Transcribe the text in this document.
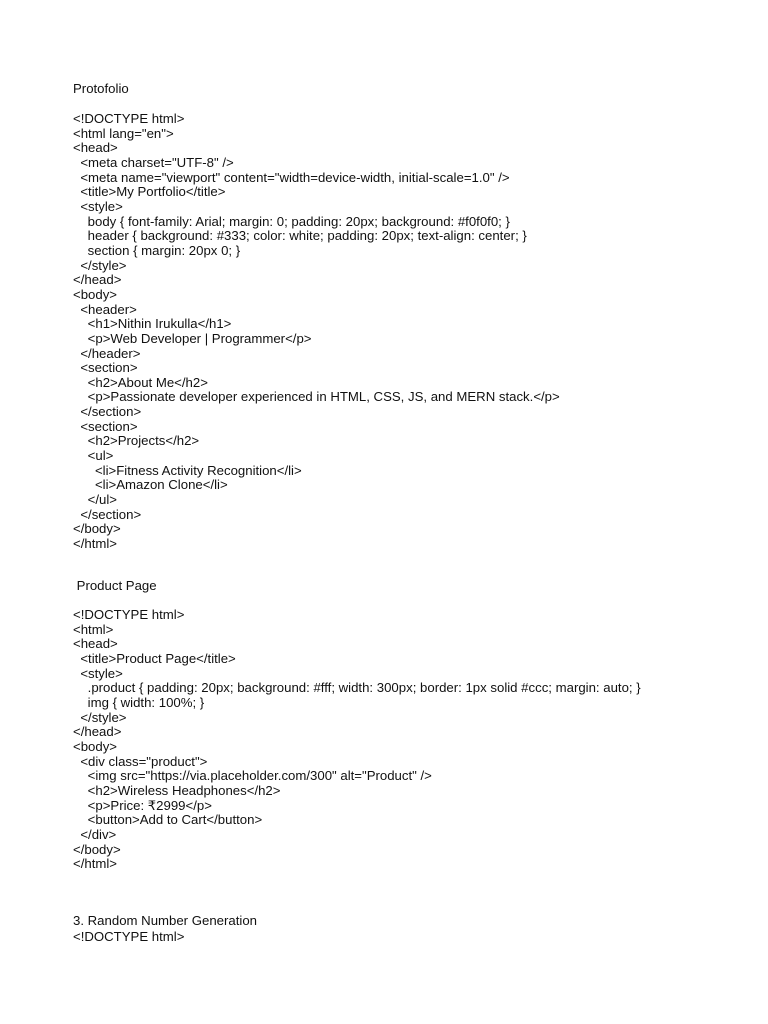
Protofolio
<!DOCTYPE html>
<html lang="en">
<head>
<meta charset="UTF-8" />
<meta name="viewport" content="width=device-width, initial-scale=1.0" />
<title>My Portfolio</title>
<style>
body { font-family: Arial; margin: 0; padding: 20px; background: #f0f0f0; }
header { background: #333; color: white; padding: 20px; text-align: center; }
section { margin: 20px 0; }
</style>
</head>
<body>
<header>
<h1>Nithin Irukulla</h1>
<p>Web Developer | Programmer</p>
</header>
<section>
<h2>About Me</h2>
<p>Passionate developer experienced in HTML, CSS, JS, and MERN stack.</p>
</section>
<section>
<h2>Projects</h2>
<ul>
<li>Fitness Activity Recognition</li>
<li>Amazon Clone</li>
</ul>
</section>
</body>
</html>
Product Page
<!DOCTYPE html>
<html>
<head>
<title>Product Page</title>
<style>
.product { padding: 20px; background: #fff; width: 300px; border: 1px solid #ccc; margin: auto; }
img { width: 100%; }
</style>
</head>
<body>
<div class="product">
<img src="https://via.placeholder.com/300" alt="Product" />
<h2>Wireless Headphones</h2>
<p>Price: ₹2999</p>
<button>Add to Cart</button>
</div>
</body>
</html>
3. Random Number Generation
<!DOCTYPE html>
